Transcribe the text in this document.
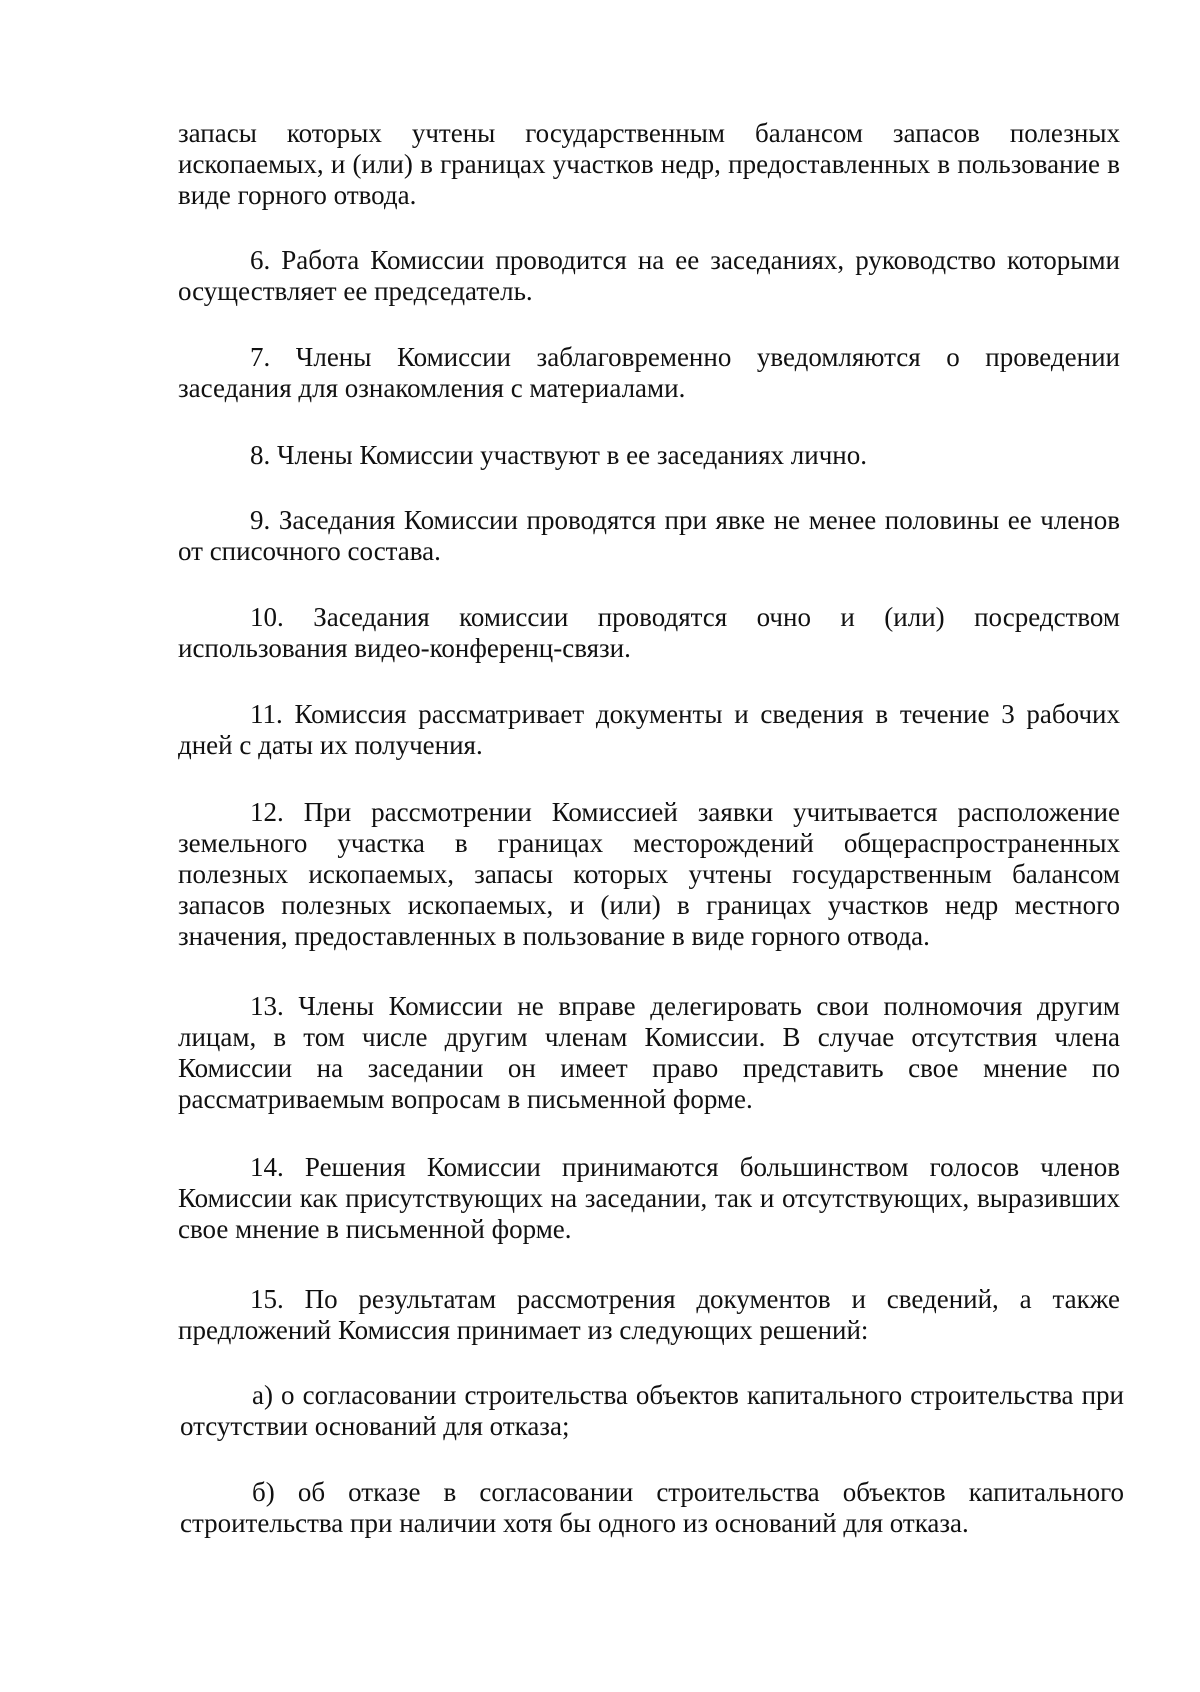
запасы которых учтены государственным балансом запасов полезных ископаемых, и (или) в границах участков недр, предоставленных в пользование в виде горного отвода.

6. Работа Комиссии проводится на ее заседаниях, руководство которыми осуществляет ее председатель.

7. Члены Комиссии заблаговременно уведомляются о проведении заседания для ознакомления с материалами.

8. Члены Комиссии участвуют в ее заседаниях лично.

9. Заседания Комиссии проводятся при явке не менее половины ее членов от списочного состава.

10. Заседания комиссии проводятся очно и (или) посредством использования видео-конференц-связи.

11. Комиссия рассматривает документы и сведения в течение 3 рабочих дней с даты их получения.

12. При рассмотрении Комиссией заявки учитывается расположение земельного участка в границах месторождений общераспространенных полезных ископаемых, запасы которых учтены государственным балансом запасов полезных ископаемых, и (или) в границах участков недр местного значения, предоставленных в пользование в виде горного отвода.

13. Члены Комиссии не вправе делегировать свои полномочия другим лицам, в том числе другим членам Комиссии. В случае отсутствия члена Комиссии на заседании он имеет право представить свое мнение по рассматриваемым вопросам в письменной форме.

14. Решения Комиссии принимаются большинством голосов членов Комиссии как присутствующих на заседании, так и отсутствующих, выразивших свое мнение в письменной форме.

15. По результатам рассмотрения документов и сведений, а также предложений Комиссия принимает из следующих решений:

а) о согласовании строительства объектов капитального строительства при отсутствии оснований для отказа;

б) об отказе в согласовании строительства объектов капитального строительства при наличии хотя бы одного из оснований для отказа.
